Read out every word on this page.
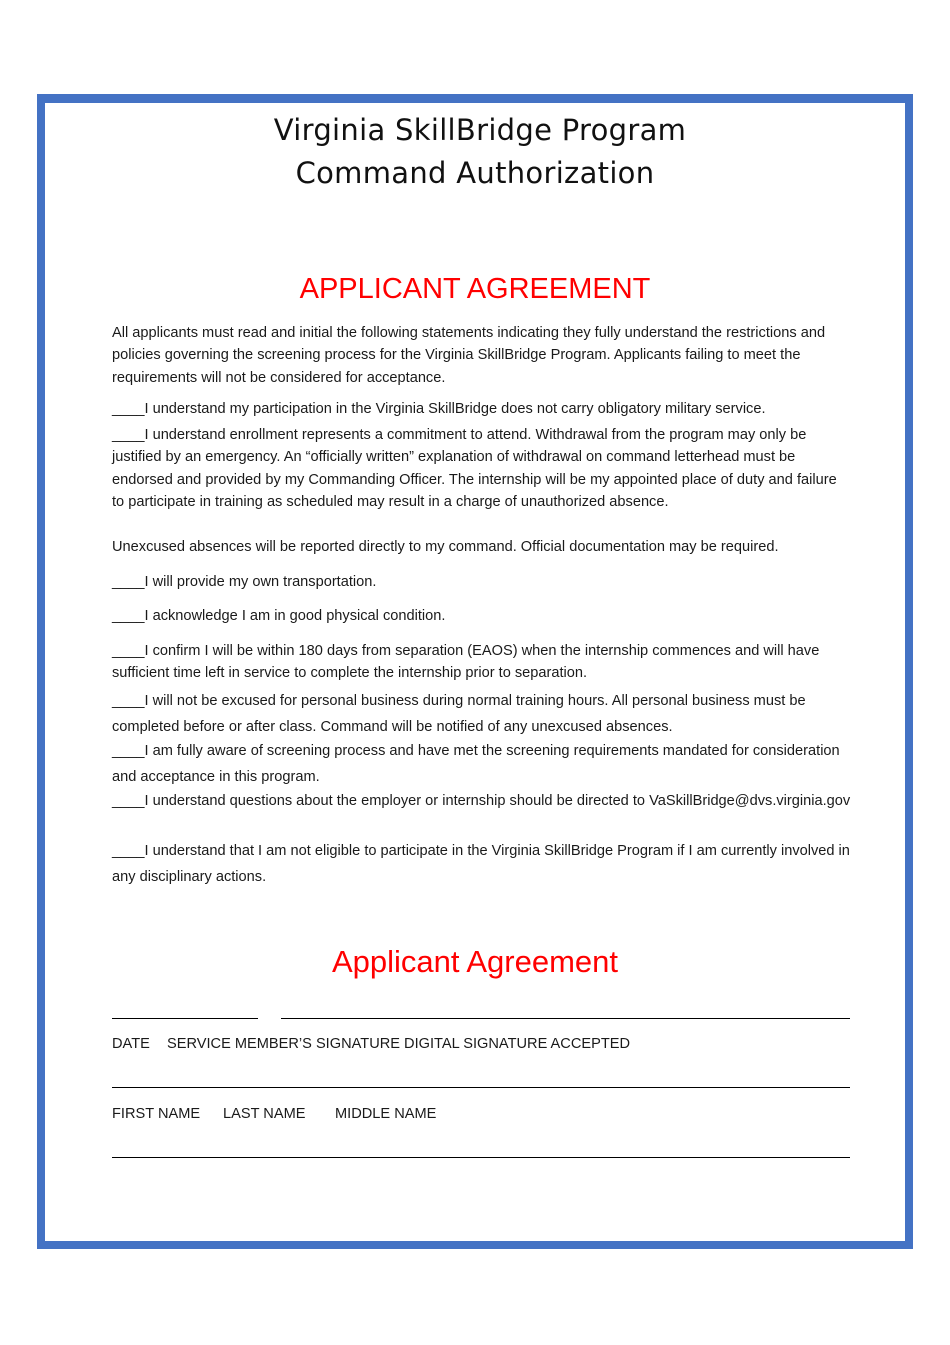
Virginia SkillBridge Program
Command Authorization
APPLICANT AGREEMENT

All applicants must read and initial the following statements indicating they fully understand the restrictions and policies governing the screening process for the Virginia SkillBridge Program. Applicants failing to meet the requirements will not be considered for acceptance.

____I understand my participation in the Virginia SkillBridge does not carry obligatory military service.

____I understand enrollment represents a commitment to attend. Withdrawal from the program may only be justified by an emergency. An “officially written” explanation of withdrawal on command letterhead must be endorsed and provided by my Commanding Officer. The internship will be my appointed place of duty and failure to participate in training as scheduled may result in a charge of unauthorized absence.

Unexcused absences will be reported directly to my command. Official documentation may be required.

____I will provide my own transportation.

____I acknowledge I am in good physical condition.

____I confirm I will be within 180 days from separation (EAOS) when the internship commences and will have sufficient time left in service to complete the internship prior to separation.

____I will not be excused for personal business during normal training hours. All personal business must be completed before or after class. Command will be notified of any unexcused absences.

____I am fully aware of screening process and have met the screening requirements mandated for consideration and acceptance in this program.

____I understand questions about the employer or internship should be directed to VaSkillBridge@dvs.virginia.gov

____I understand that I am not eligible to participate in the Virginia SkillBridge Program if I am currently involved in any disciplinary actions.

Applicant Agreement
DATE SERVICE MEMBER’S SIGNATURE DIGITAL SIGNATURE ACCEPTED
FIRST NAME LAST NAME MIDDLE NAME
